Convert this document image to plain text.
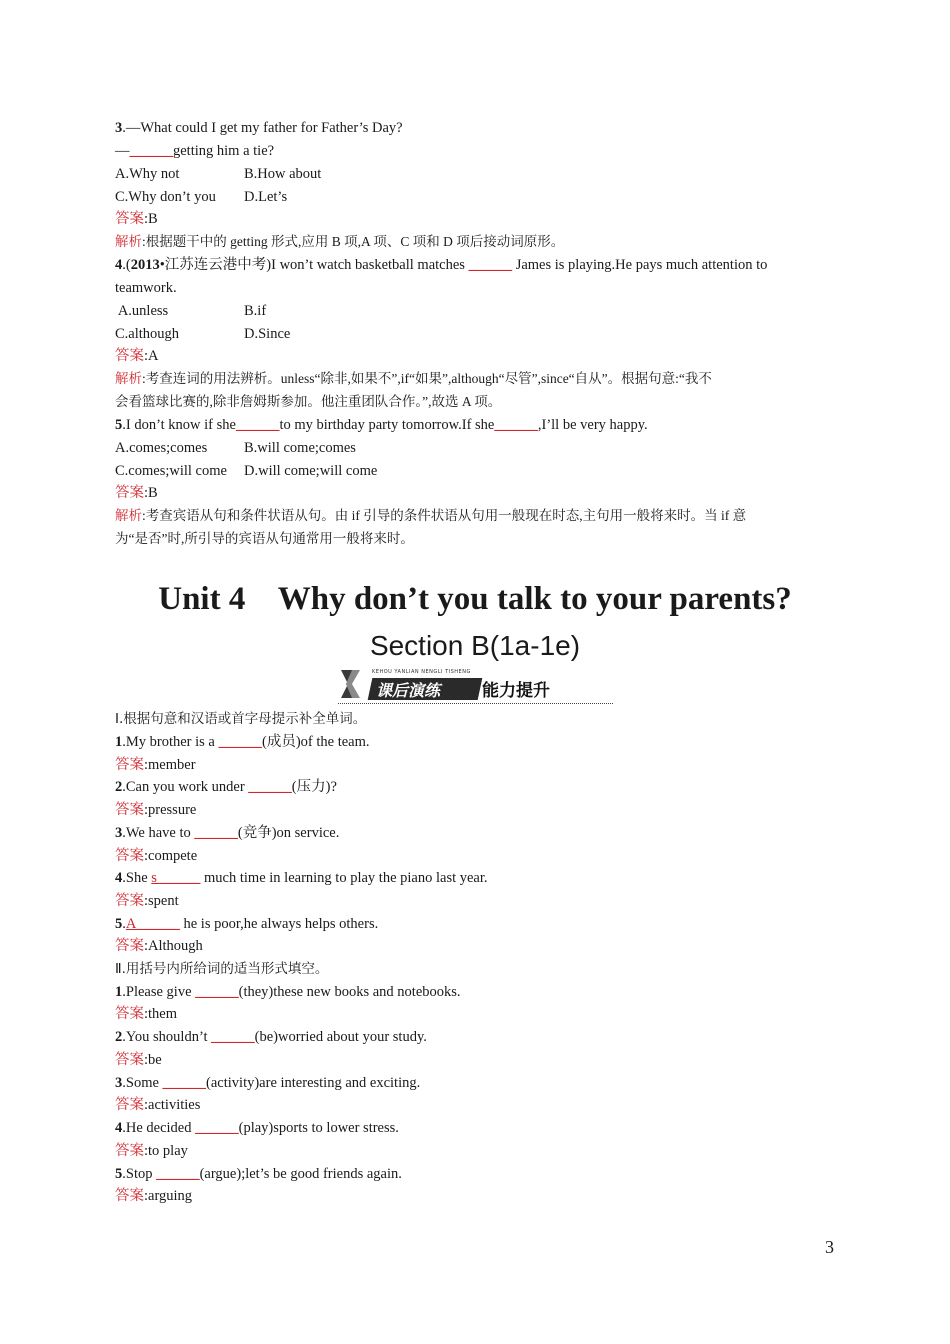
3.—What could I get my father for Father’s Day?
—______getting him a tie?
A.Why not	B.How about
C.Why don’t you D.Let’s
答案:B
解析:根据题干中的 getting 形式,应用 B 项,A 项、C 项和 D 项后接动词原形。
4.(2013•江苏连云港中考)I won’t watch basketball matches ______ James is playing.He pays much attention to
teamwork.
A.unless	B.if
C.although	D.Since
答案:A
解析:考查连词的用法辨析。unless“除非,如果不”,if“如果”,although“尽管”,since“自从”。根据句意:“我不
会看篮球比赛的,除非詹姆斯参加。他注重团队合作。”,故选 A 项。
5.I don’t know if she______to my birthday party tomorrow.If she______,I’ll be very happy.
A.comes;comes	B.will come;comes
C.comes;will come D.will come;will come
答案:B
解析:考查宾语从句和条件状语从句。由 if 引导的条件状语从句用一般现在时态,主句用一般将来时。当 if 意
为“是否”时,所引导的宾语从句通常用一般将来时。
Unit 4    Why don’t you talk to your parents?
Section B(1a-1e)
KEHOU YANLIAN NENGLI TISHENG
课后演练 能力提升
Ⅰ.根据句意和汉语或首字母提示补全单词。
1.My brother is a ______(成员)of the team.
答案:member
2.Can you work under ______(压力)?
答案:pressure
3.We have to ______(竞争)on service.
答案:compete
4.She s______ much time in learning to play the piano last year.
答案:spent
5.A______ he is poor,he always helps others.
答案:Although
Ⅱ.用括号内所给词的适当形式填空。
1.Please give ______(they)these new books and notebooks.
答案:them
2.You shouldn’t ______(be)worried about your study.
答案:be
3.Some ______(activity)are interesting and exciting.
答案:activities
4.He decided ______(play)sports to lower stress.
答案:to play
5.Stop ______(argue);let’s be good friends again.
答案:arguing
3
